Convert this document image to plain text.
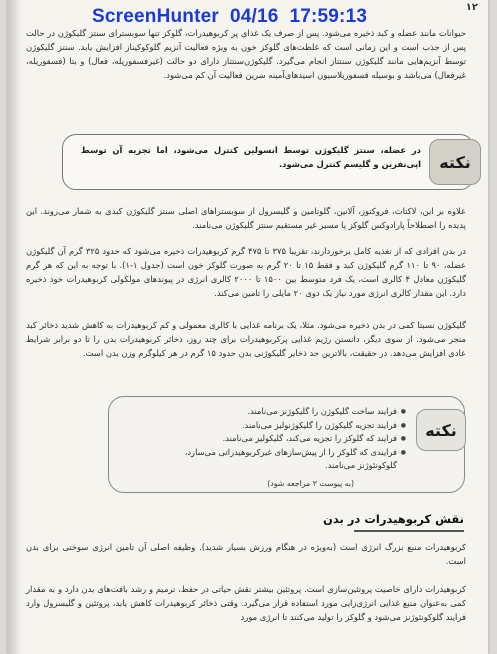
ScreenHunter  04/16  17:59:13	۱۲
حیوانات مانند عضله و کبد ذخیره می‌شود. پس از صرف یک غذای پر کربوهیدرات، گلوکز تنها سوبسترای سنتز گلیکوژن در حالت پس از جذب است و این زمانی است که غلظت‌های گلوکز خون به ویژه فعالیت آنزیم گلوکوکیناز افزایش یابد. سنتز گلیکوژن توسط آنزیم‌هایی مانند گلیکوژن سنتتاز انجام می‌گیرد. گلیکوژن‌سنتتاز دارای دو حالت (غیرفسفوریله، فعال) و بتا (فسفوریله، غیرفعال) می‌باشد و بوسیله فسفوریلاسیون اسیدهای‌آمینه سرین فعالیت آن کم می‌شود.
نکته
در عضله، سنتز گلیکوژن توسط انسولین کنترل می‌شود، اما تجزیه آن توسط اپی‌نفرین و گلیسم کنترل می‌شود.
علاوه بر این، لاکتات، فروکتوز، آلانین، گلوتامین و گلیسرول از سوبستراهای اصلی سنتز گلیکوژن کبدی به شمار می‌روند. این پدیده را اصطلاحاً پارادوکس گلوکز یا مسیر غیر مستقیم سنتز گلیکوژن می‌نامند.
در بدن افرادی که از تغذیه کامل برخوردارند، تقریبا ۳۷۵ تا ۴۷۵ گرم کربوهیدرات ذخیره می‌شود که حدود ۳۲۵ گرم آن گلیکوژن عضله، ۹۰ تا ۱۱۰ گرم گلیکوژن کبد و فقط ۱۵ تا ۲۰ گرم به صورت گلوکز خون است (جدول ۱-۱). با توجه به این که هر گرم گلیکوژن معادل ۴ کالری است، یک فرد متوسط بین ۱۵۰۰ تا ۲۰۰۰ کالری انرژی در پیوندهای مولکولی کربوهیدرات خود ذخیره دارد. این مقدار کالری انرژی مورد نیاز یک دوی ۲۰ مایلی را تامین می‌کند.
گلیکوژن نسبتا کمی در بدن ذخیره می‌شود. مثلا، یک برنامه غذایی با کالری معمولی و کم کربوهیدرات به کاهش شدید ذخائر کبد منجر می‌شود. از سوی دیگر، دانستن رژیم غذایی پرکربوهیدرات برای چند روز، ذخائر کربوهیدرات بدن را تا دو برابر شرایط عادی افزایش می‌دهد. در حقیقت، بالاترین حد ذخایر گلیکوژنی بدن حدود ۱۵ گرم در هر کیلوگرم وزن بدن است.
نکته
● فرایند ساخت گلیکوژن را گلیکوژنز می‌نامند.
● فرایند تجزیه گلیکوژن را گلیکوژنولیز می‌نامند.
● فرایند که گلوکز را تجزیه می‌کند، گلیکولیز می‌نامند.
● فرایندی که گلوکز را از پیش‌سازهای غیرکربوهیدراتی می‌سازد، گلوکونئوژنز می‌نامند.
(به پیوست ۲ مراجعه شود)
نقش کربوهیدرات در بدن
کربوهیدرات منبع بزرگ انرژی است (به‌ویژه در هنگام ورزش بسیار شدید). وظیفه اصلی آن تامین انرژی سوختی برای بدن است.
کربوهیدرات دارای خاصیت پروتئین‌سازی است. پروتئین بیشتر نقش حیاتی در حفظ، ترمیم و رشد بافت‌های بدن دارد و به مقدار کمی به‌عنوان منبع غذایی انرژی‌زایی مورد استفاده قرار می‌گیرد. وقتی ذخائر کربوهیدرات کاهش یابد، پروتئین و گلیسرول وارد فرایند گلوکونئوژنز می‌شود و گلوکز را تولید می‌کنند تا انرژی مورد
